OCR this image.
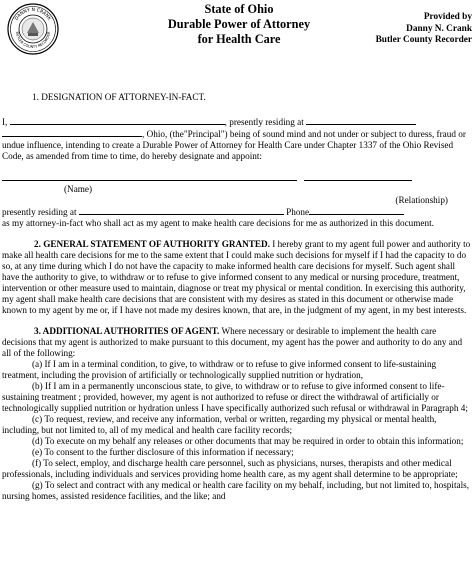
DANNY N CRANK
BUTLER COUNTY RECORDER
State of Ohio
Durable Power of Attorney
for Health Care
Provided by
Danny N. Crank
Butler County Recorder

1. DESIGNATION OF ATTORNEY-IN-FACT.

I,	, presently residing at

, Ohio, (the"Principal") being of sound mind and not under or subject to duress, fraud or undue influence, intending to create a Durable Power of Attorney for Health Care under Chapter 1337 of the Ohio Revised Code, as amended from time to time, do hereby designate and appoint:

(Name)

(Relationship)

presently residing at	Phone

as my attorney-in-fact who shall act as my agent to make health care decisions for me as authorized in this document.

2. GENERAL STATEMENT OF AUTHORITY GRANTED. I hereby grant to my agent full power and authority to make all health care decisions for me to the same extent that I could make such decisions for myself if I had the capacity to do so, at any time during which I do not have the capacity to make informed health care decisions for myself. Such agent shall have the authority to give, to withdraw or to refuse to give informed consent to any medical or nursing procedure, treatment, intervention or other measure used to maintain, diagnose or treat my physical or mental condition. In exercising this authority, my agent shall make health care decisions that are consistent with my desires as stated in this document or otherwise made known to my agent by me or, if I have not made my desires known, that are, in the judgment of my agent, in my best interests.

3. ADDITIONAL AUTHORITIES OF AGENT. Where necessary or desirable to implement the health care decisions that my agent is authorized to make pursuant to this document, my agent has the power and authority to do any and all of the following:

(a) If I am in a terminal condition, to give, to withdraw or to refuse to give informed consent to life-sustaining treatment, including the provision of artificially or technologically supplied nutrition or hydration,

(b) If I am in a permanently unconscious state, to give, to withdraw or to refuse to give informed consent to life-sustaining treatment ; provided, however, my agent is not authorized to refuse or direct the withdrawal of artificially or technologically supplied nutrition or hydration unless I have specifically authorized such refusal or withdrawal in Paragraph 4;

(c) To request, review, and receive any information, verbal or written, regarding my physical or mental health, including, but not limited to, all of my medical and health care facility records;

(d) To execute on my behalf any releases or other documents that may be required in order to obtain this information;

(e) To consent to the further disclosure of this information if necessary;

(f) To select, employ, and discharge health care personnel, such as physicians, nurses, therapists and other medical professionals, including individuals and services providing home health care, as my agent shall determine to be appropriate;

(g) To select and contract with any medical or health care facility on my behalf, including, but not limited to, hospitals, nursing homes, assisted residence facilities, and the like; and
